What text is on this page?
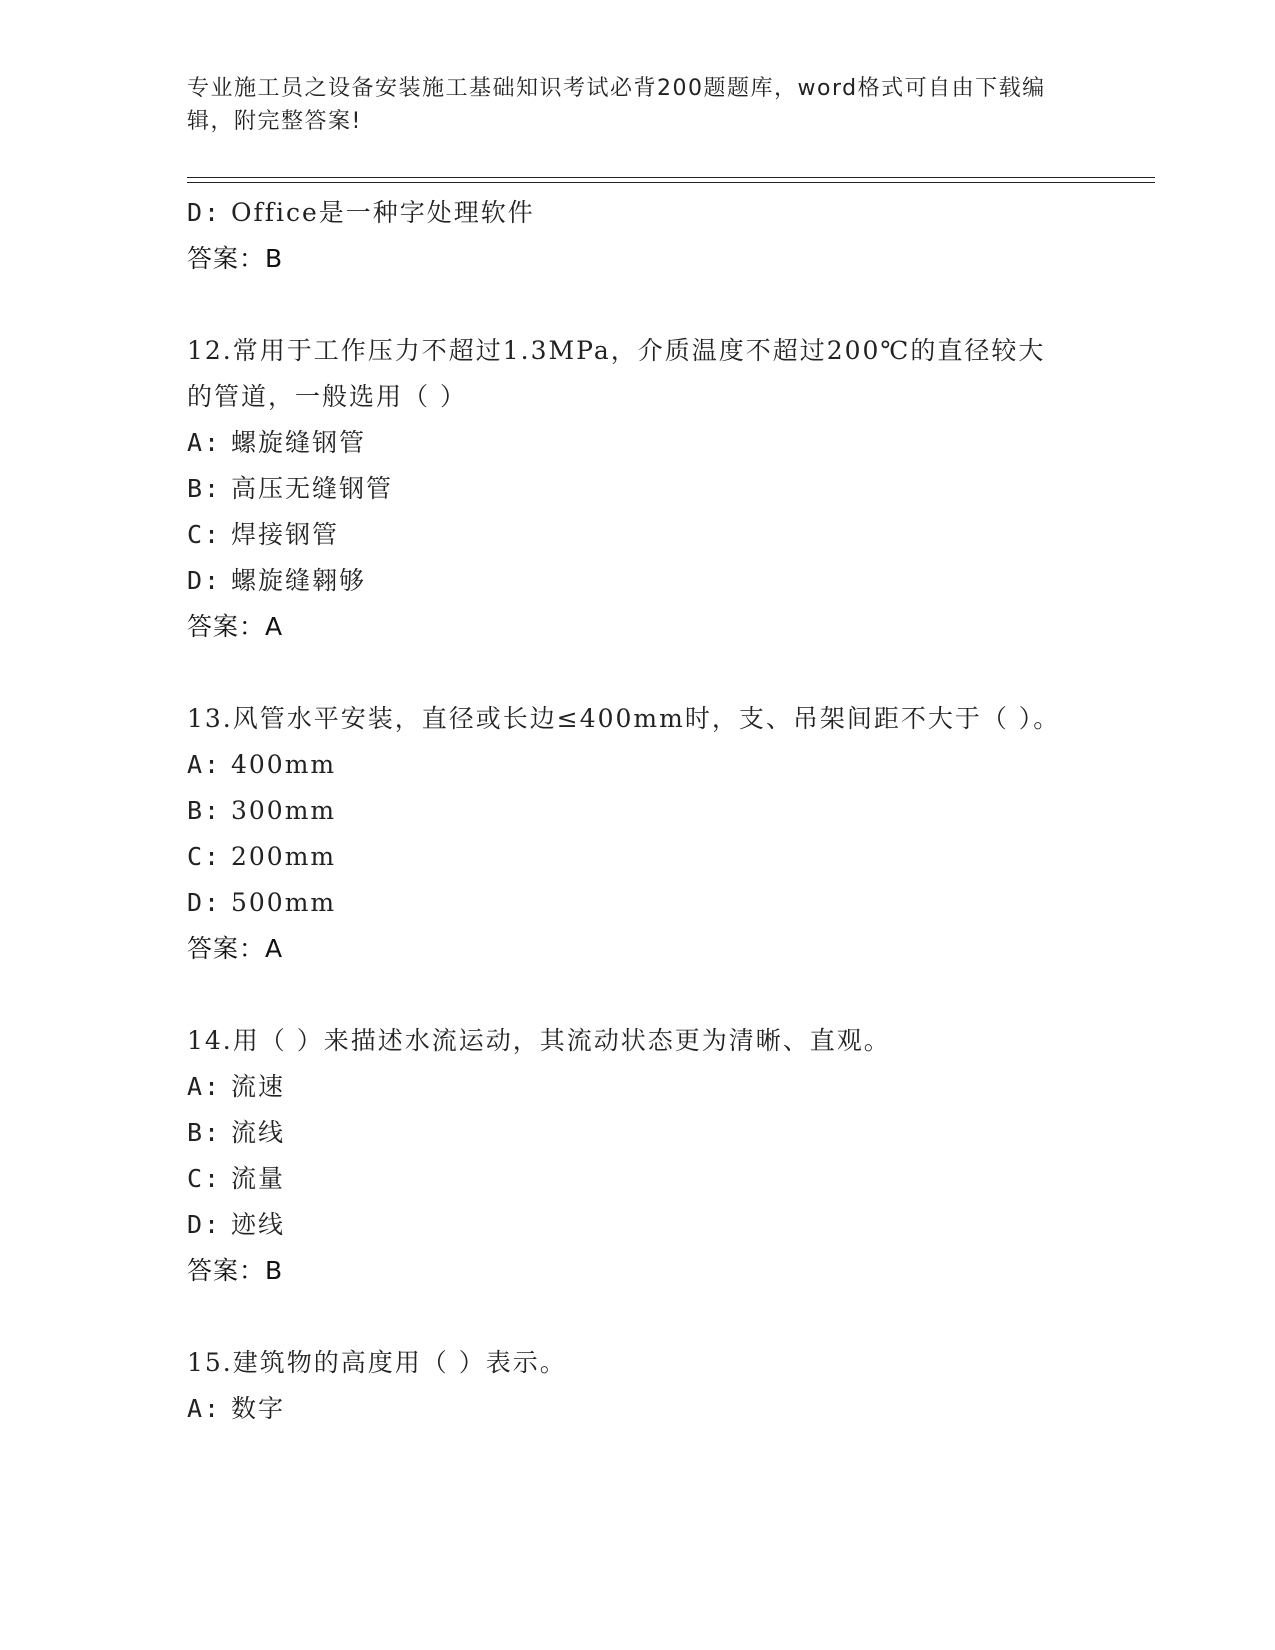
专业施工员之设备安装施工基础知识考试必背200题题库，word格式可自由下载编辑，附完整答案!
D: Office是一种字处理软件
答案：B
12.常用于工作压力不超过1.3MPa，介质温度不超过200℃的直径较大的管道，一般选用（ ）
A: 螺旋缝钢管
B: 高压无缝钢管
C: 焊接钢管
D: 螺旋缝翱够
答案：A
13.风管水平安装，直径或长边≤400mm时，支、吊架间距不大于（ ）。
A: 400mm
B: 300mm
C: 200mm
D: 500mm
答案：A
14.用（ ）来描述水流运动，其流动状态更为清晰、直观。
A: 流速
B: 流线
C: 流量
D: 迹线
答案：B
15.建筑物的高度用（ ）表示。
A: 数字
